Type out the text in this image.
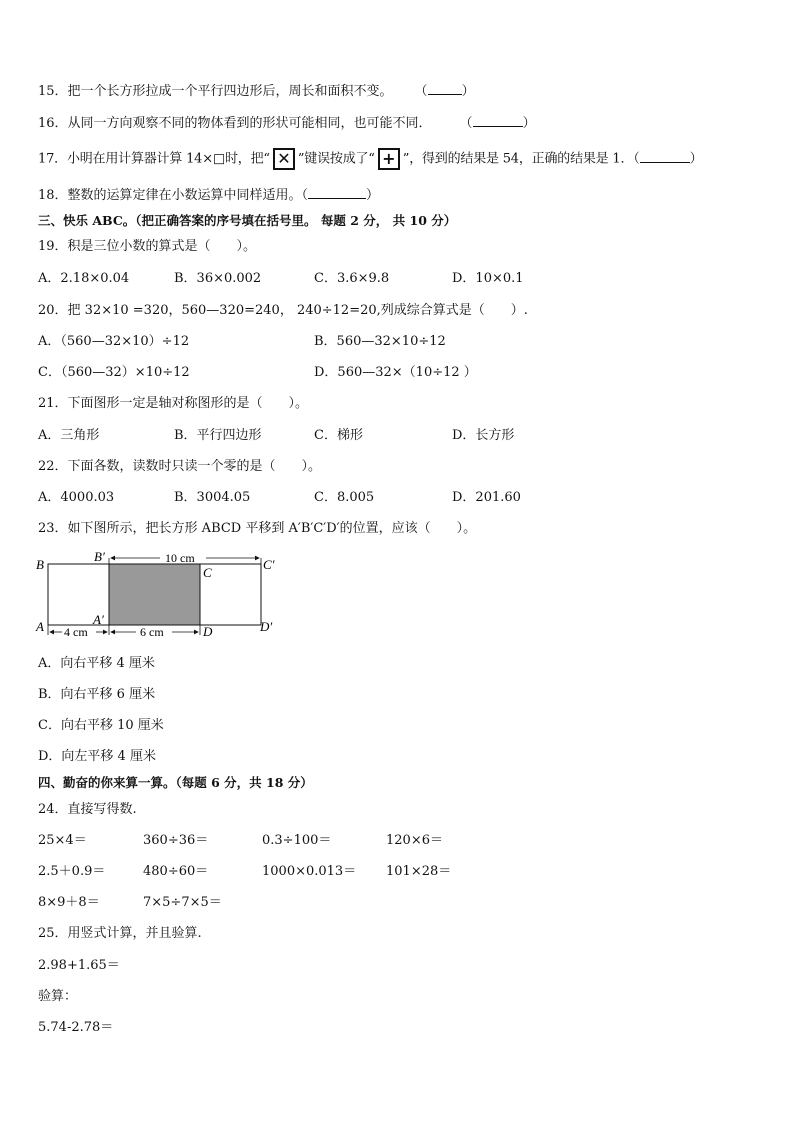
15．把一个长方形拉成一个平行四边形后，周长和面积不变。 （	）
16．从同一方向观察不同的物体看到的形状可能相同，也可能不同． （	）
17．小明在用计算器计算 14×□时，把“ ✕ ”键误按成了“ + ”，得到的结果是 54，正确的结果是 1．（	）
18．整数的运算定律在小数运算中同样适用。（	）
三、快乐 ABC。（把正确答案的序号填在括号里。 每题 2 分， 共 10 分）
19．积是三位小数的算式是（　　）。
A．2.18×0.04	B．36×0.002	C．3.6×9.8	D．10×0.1
20．把 32×10 =320，560—320=240， 240÷12=20,列成综合算式是（　　）.
A．（560—32×10）÷12	B．560—32×10÷12
C．（560—32）×10÷12	D．560—32×（10÷12 ）
21．下面图形一定是轴对称图形的是（　　）。
A．三角形	B．平行四边形	C．梯形	D．长方形
22．下面各数，读数时只读一个零的是（　　）。
A．4000.03	B．3004.05	C．8.005	D．201.60
23．如下图所示，把长方形 ABCD 平移到 A′B′C′D′的位置，应该（　　）。
10 cm
4 cm	6 cm
B
B′
C
C′
A	A′
D	D′
A．向右平移 4 厘米
B．向右平移 6 厘米
C．向右平移 10 厘米
D．向左平移 4 厘米
四、勤奋的你来算一算。（每题 6 分，共 18 分）
24．直接写得数.
25×4＝	360÷36＝	0.3÷100＝	120×6＝
2.5＋0.9＝	480÷60＝	1000×0.013＝ 101×28＝
8×9＋8＝	7×5÷7×5＝
25．用竖式计算，并且验算.
2.98+1.65＝
验算：
5.74-2.78＝
